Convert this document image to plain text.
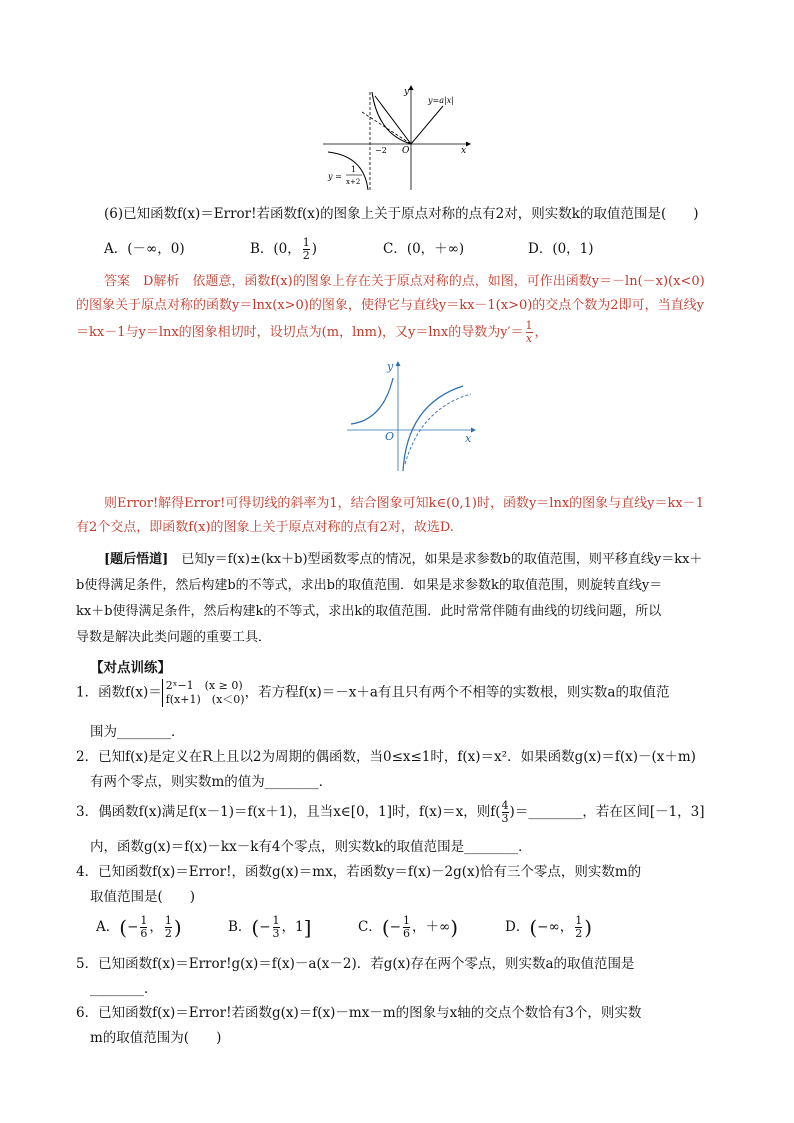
y
x
O
−2
y=a|x|
y =
1
x+2
(6)已知函数f(x)＝Error!若函数f(x)的图象上关于原点对称的点有2对，则实数k的取值范围是(　　)
A．(－∞，0)	B．(0， $\frac{1}{2}$ )	C．(0，＋∞)	D．(0，1)
答案　D解析　依题意，函数f(x)的图象上存在关于原点对称的点，如图，可作出函数y＝－ln(－x)(x<0)
的图象关于原点对称的函数y＝lnx(x>0)的图象，使得它与直线y＝kx－1(x>0)的交点个数为2即可，当直线y
＝kx－1与y＝lnx的图象相切时，设切点为(m，lnm)，又y＝lnx的导数为$y'= \frac{1}{x}$ ，
y
x
O
则Error!解得Error!可得切线的斜率为1，结合图象可知k∈(0,1)时，函数y＝lnx的图象与直线y＝kx－1
有2个交点，即函数f(x)的图象上关于原点对称的点有2对，故选D.
[题后悟道]　 已知y＝f(x)±(kx＋b)型函数零点的情况，如果是求参数b的取值范围，则平移直线y＝kx＋
b使得满足条件，然后构建b的不等式，求出b的取值范围．如果是求参数k的取值范围，则旋转直线y＝
kx＋b使得满足条件，然后构建k的不等式，求出k的取值范围．此时常常伴随有曲线的切线问题，所以
导数是解决此类问题的重要工具．
【对点训练】
1．函数f(x)＝ 2ˣ−1　(x ≥ 0)
f(x+1)　(x＜0) ，若方程f(x)＝－x＋a有且只有两个不相等的实数根，则实数a的取值范
围为________．
2．已知f(x)是定义在R上且以2为周期的偶函数，当0≤x≤1时，f(x)＝x²．如果函数g(x)＝f(x)－(x＋m)
有两个零点，则实数m的值为________．
3．偶函数f(x)满足f(x－1)＝f(x＋1)，且当x∈[0，1]时，f(x)＝x，则$f( \frac{4}{3}$ )＝________，若在区间[－1，3]
内，函数g(x)＝f(x)－kx－k有4个零点，则实数k的取值范围是________．
4．已知函数f(x)＝Error!，函数g(x)＝mx，若函数y＝f(x)－2g(x)恰有三个零点，则实数m的
取值范围是(　　)
A．(− $\frac{1}{6}$ ， $\frac{1}{2}$ )	B．(− $\frac{1}{3}$ ，1]	C．(− $\frac{1}{6}$ ，＋∞)	D．(−∞， $\frac{1}{2}$ )
5．已知函数f(x)＝Error!g(x)＝f(x)－a(x－2)．若g(x)存在两个零点，则实数a的取值范围是
________．
6．已知函数f(x)＝Error!若函数g(x)＝f(x)－mx－m的图象与x轴的交点个数恰有3个，则实数
m的取值范围为(　　)
